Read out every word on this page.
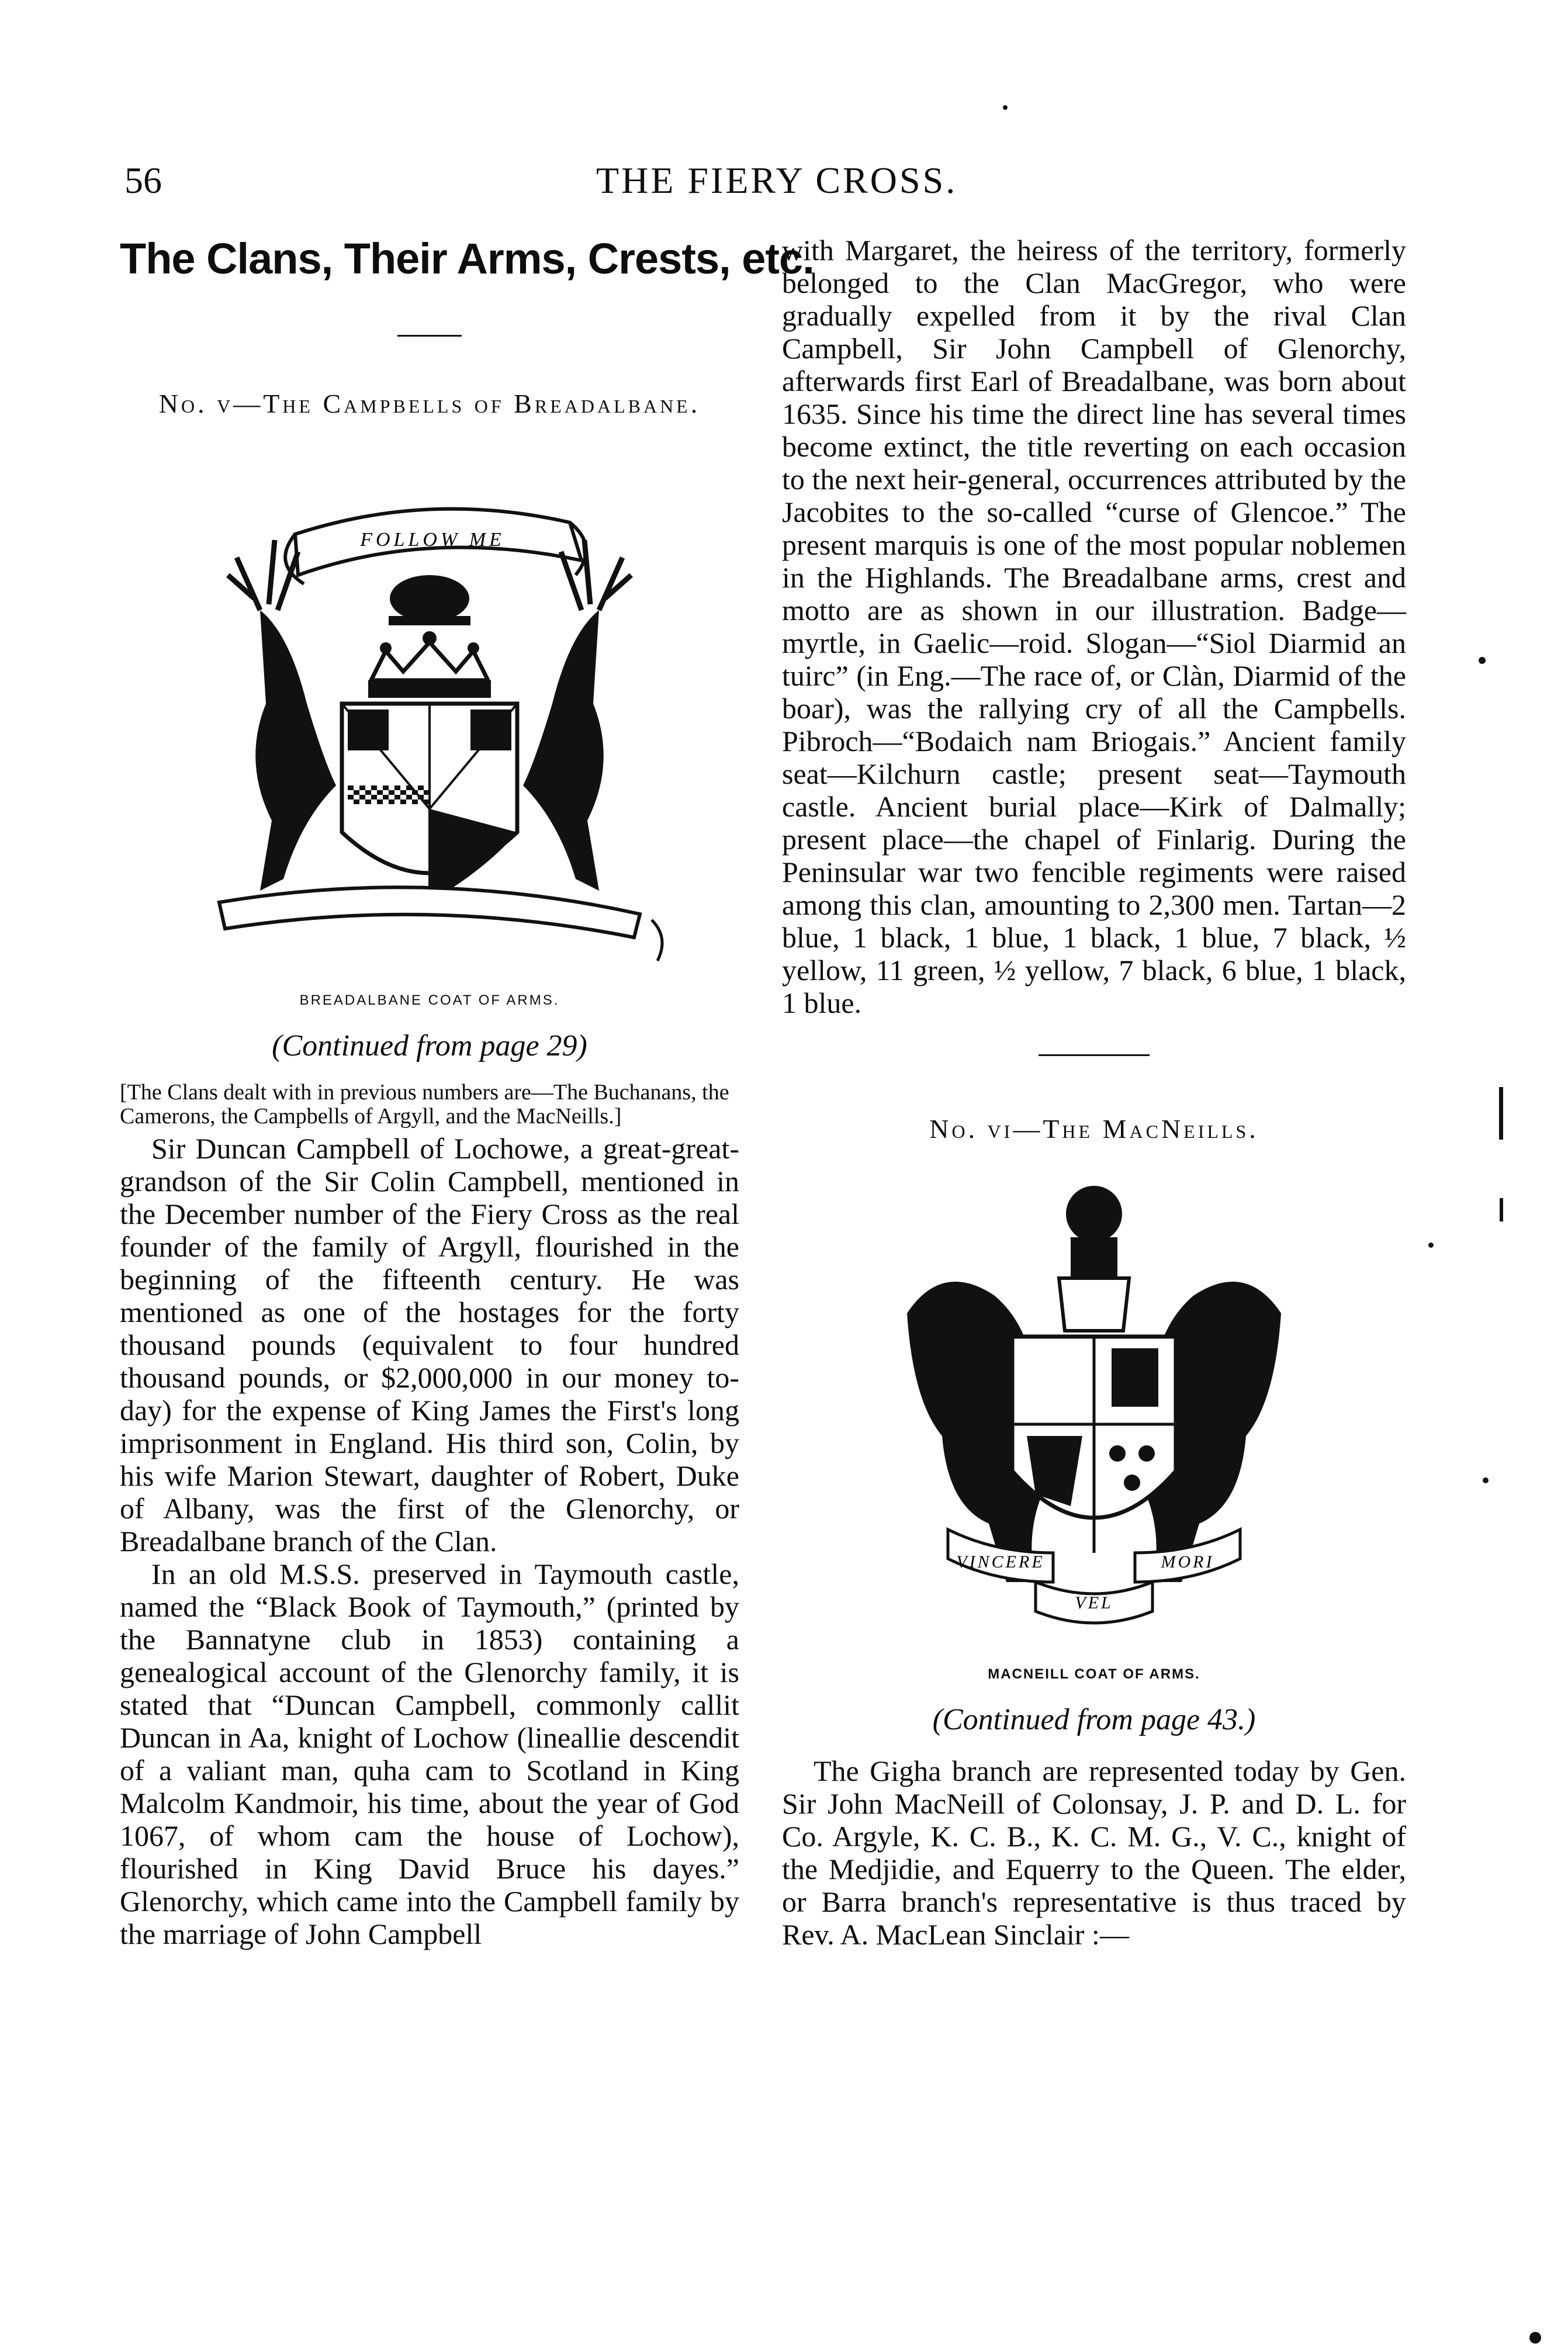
56	THE FIERY CROSS.
The Clans, Their Arms, Crests, etc.

No. v—The Campbells of Breadalbane.

FOLLOW ME

BREADALBANE COAT OF ARMS.

(Continued from page 29)

[The Clans dealt with in previous numbers are—The Buchanans, the Camerons, the Campbells of Argyll, and the MacNeills.]

Sir Duncan Campbell of Lochowe, a great-great-grandson of the Sir Colin Campbell, mentioned in the December number of the Fiery Cross as the real founder of the family of Argyll, flourished in the beginning of the fifteenth century. He was mentioned as one of the hostages for the forty thousand pounds (equivalent to four hundred thousand pounds, or $2,000,000 in our money to-day) for the expense of King James the First's long imprisonment in England. His third son, Colin, by his wife Marion Stewart, daughter of Robert, Duke of Albany, was the first of the Glenorchy, or Breadalbane branch of the Clan.

In an old M.S.S. preserved in Taymouth castle, named the “Black Book of Taymouth,” (printed by the Bannatyne club in 1853) containing a genealogical account of the Glenorchy family, it is stated that “Duncan Campbell, commonly callit Duncan in Aa, knight of Lochow (lineallie descendit of a valiant man, quha cam to Scotland in King Malcolm Kandmoir, his time, about the year of God 1067, of whom cam the house of Lochow), flourished in King David Bruce his dayes.” Glenorchy, which came into the Campbell family by the marriage of John Campbell

with Margaret, the heiress of the territory, formerly belonged to the Clan MacGregor, who were gradually expelled from it by the rival Clan Campbell, Sir John Campbell of Glenorchy, afterwards first Earl of Breadalbane, was born about 1635. Since his time the direct line has several times become extinct, the title reverting on each occasion to the next heir-general, occurrences attributed by the Jacobites to the so-called “curse of Glencoe.” The present marquis is one of the most popular noblemen in the Highlands. The Breadalbane arms, crest and motto are as shown in our illustration. Badge—myrtle, in Gaelic—roid. Slogan—“Siol Diarmid an tuirc” (in Eng.—The race of, or Clàn, Diarmid of the boar), was the rallying cry of all the Campbells. Pibroch—“Bodaich nam Briogais.” Ancient family seat—Kilchurn castle; present seat—Taymouth castle. Ancient burial place—Kirk of Dalmally; present place—the chapel of Finlarig. During the Peninsular war two fencible regiments were raised among this clan, amounting to 2,300 men. Tartan—2 blue, 1 black, 1 blue, 1 black, 1 blue, 7 black, ½ yellow, 11 green, ½ yellow, 7 black, 6 blue, 1 black, 1 blue.

No. vi—The MacNeills.

VINCERE
VEL
MORI

MACNEILL COAT OF ARMS.

(Continued from page 43.)

The Gigha branch are represented today by Gen. Sir John MacNeill of Colonsay, J. P. and D. L. for Co. Argyle, K. C. B., K. C. M. G., V. C., knight of the Medjidie, and Equerry to the Queen. The elder, or Barra branch's representative is thus traced by Rev. A. MacLean Sinclair :—
